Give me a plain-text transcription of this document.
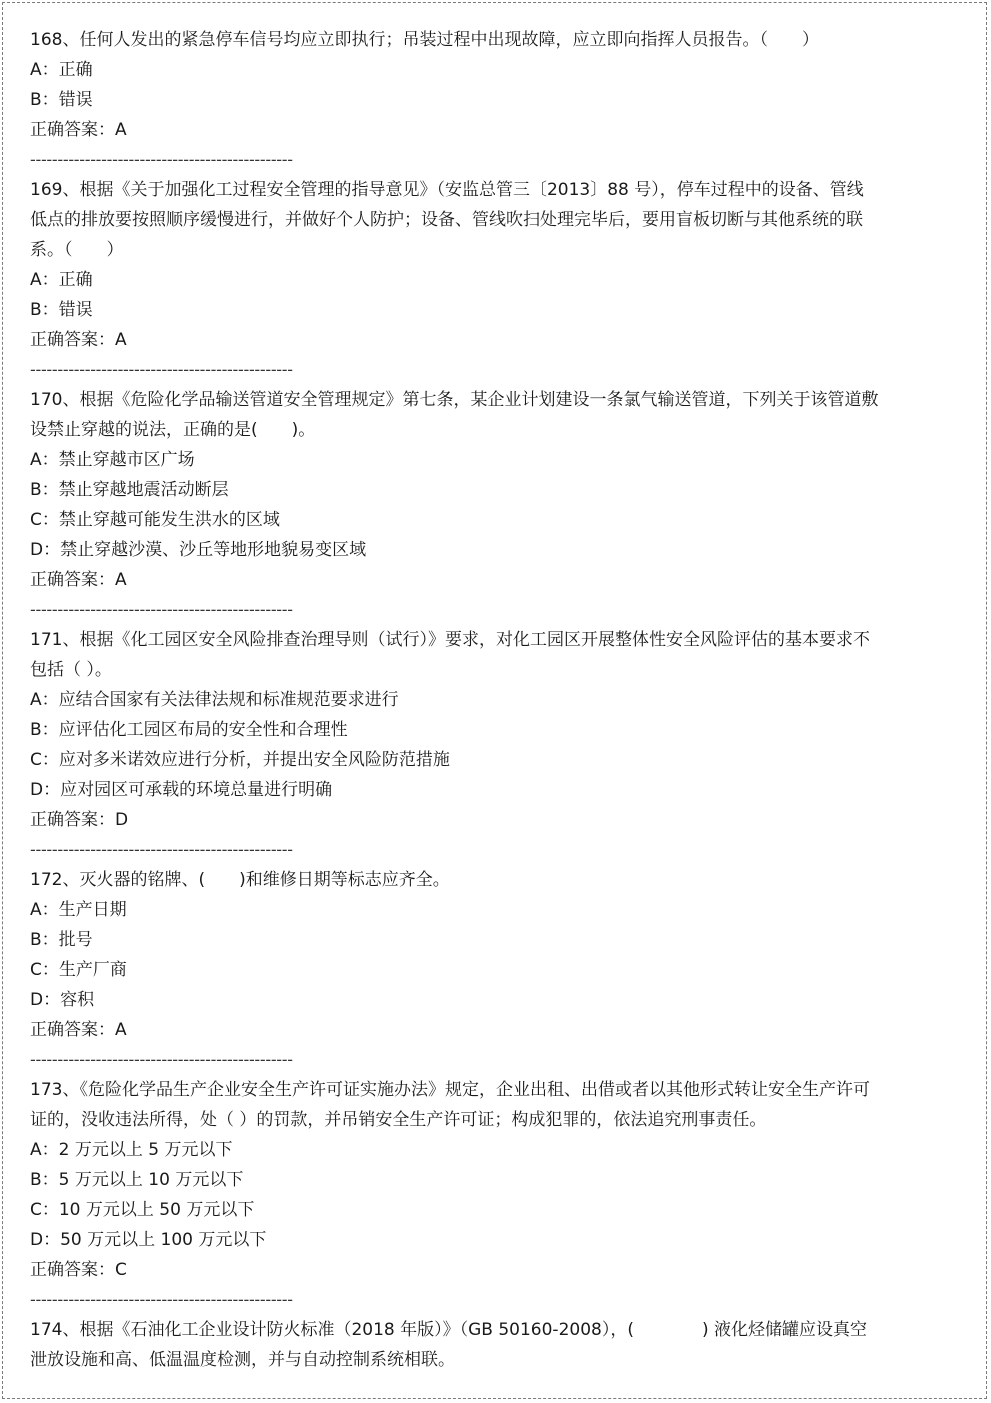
168、任何人发出的紧急停车信号均应立即执行；吊装过程中出现故障，应立即向指挥人员报告。（　　）
A：正确
B：错误
正确答案：A
------------------------------------------------
169、根据《关于加强化工过程安全管理的指导意见》（安监总管三〔2013〕88 号），停车过程中的设备、管线低点的排放要按照顺序缓慢进行，并做好个人防护；设备、管线吹扫处理完毕后，要用盲板切断与其他系统的联系。（　　）
A：正确
B：错误
正确答案：A
------------------------------------------------
170、根据《危险化学品输送管道安全管理规定》第七条，某企业计划建设一条氯气输送管道，下列关于该管道敷设禁止穿越的说法，正确的是(　　)。
A：禁止穿越市区广场
B：禁止穿越地震活动断层
C：禁止穿越可能发生洪水的区域
D：禁止穿越沙漠、沙丘等地形地貌易变区域
正确答案：A
------------------------------------------------
171、根据《化工园区安全风险排查治理导则（试行）》要求，对化工园区开展整体性安全风险评估的基本要求不包括（ ）。
A：应结合国家有关法律法规和标准规范要求进行
B：应评估化工园区布局的安全性和合理性
C：应对多米诺效应进行分析，并提出安全风险防范措施
D：应对园区可承载的环境总量进行明确
正确答案：D
------------------------------------------------
172、灭火器的铭牌、(　　)和维修日期等标志应齐全。
A：生产日期
B：批号
C：生产厂商
D：容积
正确答案：A
------------------------------------------------
173、《危险化学品生产企业安全生产许可证实施办法》规定，企业出租、出借或者以其他形式转让安全生产许可证的，没收违法所得，处（ ）的罚款，并吊销安全生产许可证；构成犯罪的，依法追究刑事责任。
A：2 万元以上 5 万元以下
B：5 万元以上 10 万元以下
C：10 万元以上 50 万元以下
D：50 万元以上 100 万元以下
正确答案：C
------------------------------------------------
174、根据《石油化工企业设计防火标准（2018 年版）》（GB 50160-2008），(　　　　) 液化烃储罐应设真空泄放设施和高、低温温度检测，并与自动控制系统相联。
